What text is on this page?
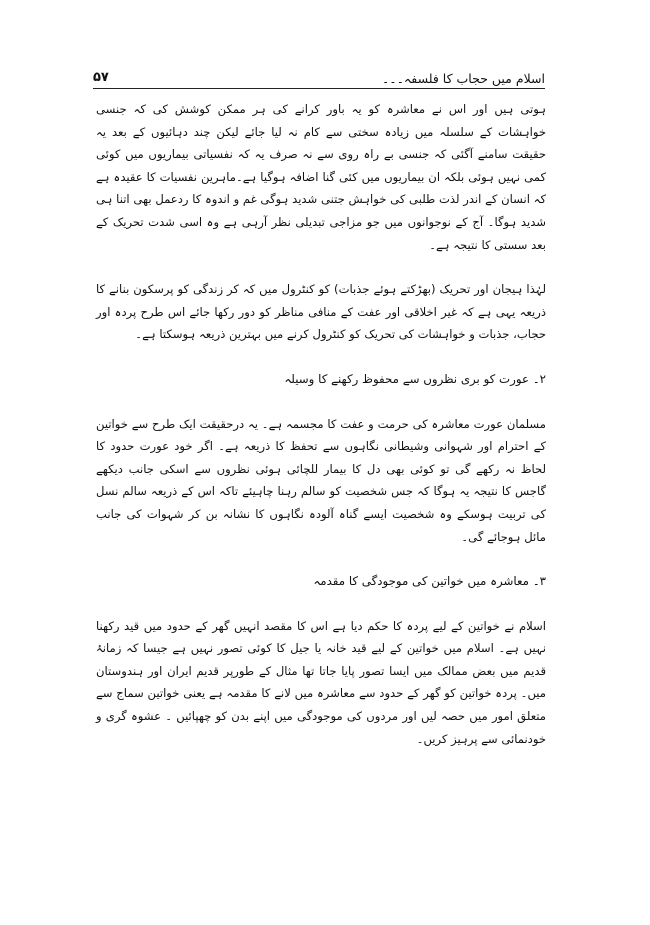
اسلام میں حجاب کا فلسفہ۔۔۔
۵۷

ہوتی ہیں اور اس نے معاشرہ کو یہ باور کرانے کی ہر ممکن کوشش کی کہ جنسی خواہشات کے سلسلہ میں زیادہ سختی سے کام نہ لیا جائے لیکن چند دہائیوں کے بعد یہ حقیقت سامنے آگئی کہ جنسی بے راہ روی سے نہ صرف یہ کہ نفسیاتی بیماریوں میں کوئی کمی نہیں ہوئی بلکہ ان بیماریوں میں کئی گنا اضافہ ہوگیا ہے۔ماہرین نفسیات کا عقیدہ ہے کہ انسان کے اندر لذت طلبی کی خواہش جتنی شدید ہوگی غم و اندوہ کا ردعمل بھی اتنا ہی شدید ہوگا۔ آج کے نوجوانوں میں جو مزاجی تبدیلی نظر آرہی ہے وہ اسی شدت تحریک کے بعد سستی کا نتیجہ ہے۔

لہٰذا ہیجان اور تحریک (بھڑکتے ہوئے جذبات) کو کنٹرول میں کہ کر زندگی کو پرسکون بنانے کا ذریعہ یہی ہے کہ غیر اخلاقی اور عفت کے منافی مناظر کو دور رکھا جائے اس طرح پردہ اور حجاب، جذبات و خواہشات کی تحریک کو کنٹرول کرنے میں بہترین ذریعہ ہوسکتا ہے۔

۲۔ عورت کو بری نظروں سے محفوظ رکھنے کا وسیلہ

مسلمان عورت معاشرہ کی حرمت و عفت کا مجسمہ ہے۔ یہ درحقیقت ایک طرح سے خواتین کے احترام اور شہوانی وشیطانی نگاہوں سے تحفظ کا ذریعہ ہے۔ اگر خود عورت حدود کا لحاظ نہ رکھے گی تو کوئی بھی دل کا بیمار للچائی ہوئی نظروں سے اسکی جانب دیکھے گاجس کا نتیجہ یہ ہوگا کہ جس شخصیت کو سالم رہنا چاہیئے تاکہ اس کے ذریعہ سالم نسل کی تربیت ہوسکے وہ شخصیت ایسے گناہ آلودہ نگاہوں کا نشانہ بن کر شہوات کی جانب مائل ہوجائے گی۔

۳۔ معاشرہ میں خواتین کی موجودگی کا مقدمہ

اسلام نے خواتین کے لیے پردہ کا حکم دیا ہے اس کا مقصد انہیں گھر کے حدود میں قید رکھنا نہیں ہے۔ اسلام میں خواتین کے لیے قید خانہ یا جیل کا کوئی تصور نہیں ہے جیسا کہ زمانۂ قدیم میں بعض ممالک میں ایسا تصور پایا جاتا تھا مثال کے طورپر قدیم ایران اور ہندوستان میں۔ پردہ خواتین کو گھر کے حدود سے معاشرہ میں لانے کا مقدمہ ہے یعنی خواتین سماج سے متعلق امور میں حصہ لیں اور مردوں کی موجودگی میں اپنے بدن کو چھپائیں ۔ عشوہ گری و خودنمائی سے پرہیز کریں۔
